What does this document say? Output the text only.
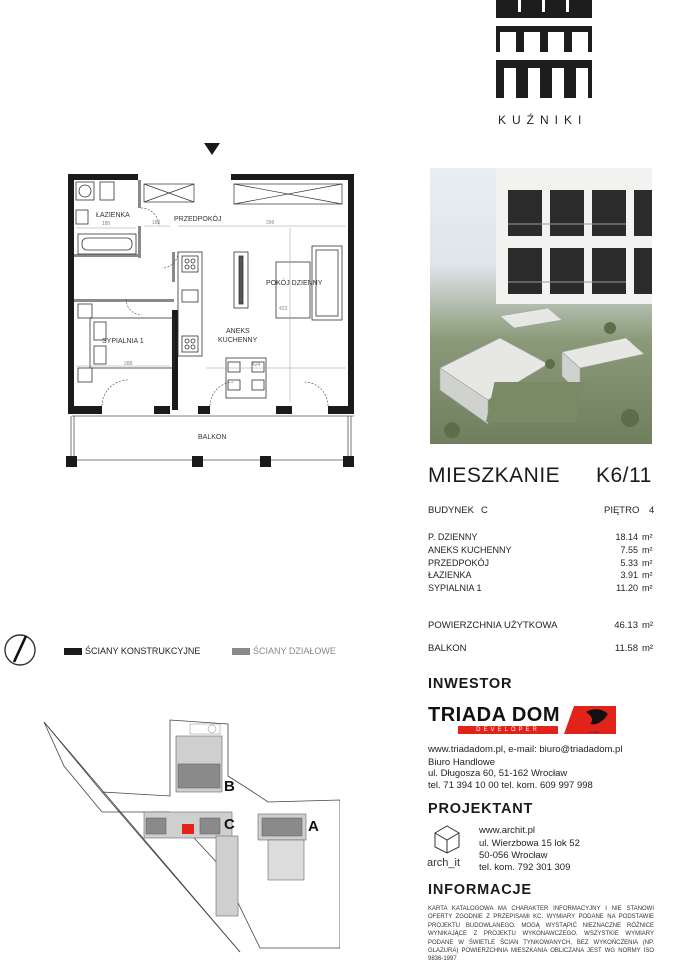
KUŹNIKI
ŁAZIENKA
PRZEDPOKÓJ
POKÓJ DZIENNY
ANEKS
KUCHENNY
SYPIALNIA 1
BALKON
180	180	399
423
288	424
MIESZKANIE K6/11
BUDYNEK C	PIĘTRO 4
P. DZIENNY	18.14 m²
ANEKS KUCHENNY	7.55 m²
PRZEDPOKÓJ	5.33 m²
ŁAZIENKA	3.91 m²
SYPIALNIA 1	11.20 m²
POWIERZCHNIA UŻYTKOWA	46.13 m²
BALKON	11.58 m²
ŚCIANY KONSTRUKCYJNE	ŚCIANY DZIAŁOWE
B
C	A
INWESTOR
TRIADA DOM
DEVELOPER	od 1990 r.
www.triadadom.pl, e-mail: biuro@triadadom.pl
Biuro Handlowe
ul. Długosza 60, 51-162 Wrocław
tel. 71 394 10 00 tel. kom. 609 997 998
PROJEKTANT
arch_it
www.archit.pl
ul. Wierzbowa 15 lok 52
50-056 Wrocław
tel. kom. 792 301 309
INFORMACJE
KARTA KATALOGOWA MA CHARAKTER INFORMACYJNY I NIE STANOWI OFERTY ZGODNIE Z PRZEPISAMI KC. WYMIARY PODANE NA PODSTAWIE PROJEKTU BUDOWLANEGO. MOGĄ WYSTĄPIĆ NIEZNACZNE RÓŻNICE WYNIKAJĄCE Z PROJEKTU WYKONAWCZEGO. WSZYSTKIE WYMIARY PODANE W ŚWIETLE ŚCIAN TYNKOWANYCH, BEZ WYKOŃCZENIA (NP. GLAZURA) POWIERZCHNIA MIESZKANIA OBLICZANA JEST WG NORMY ISO 9836-1997
